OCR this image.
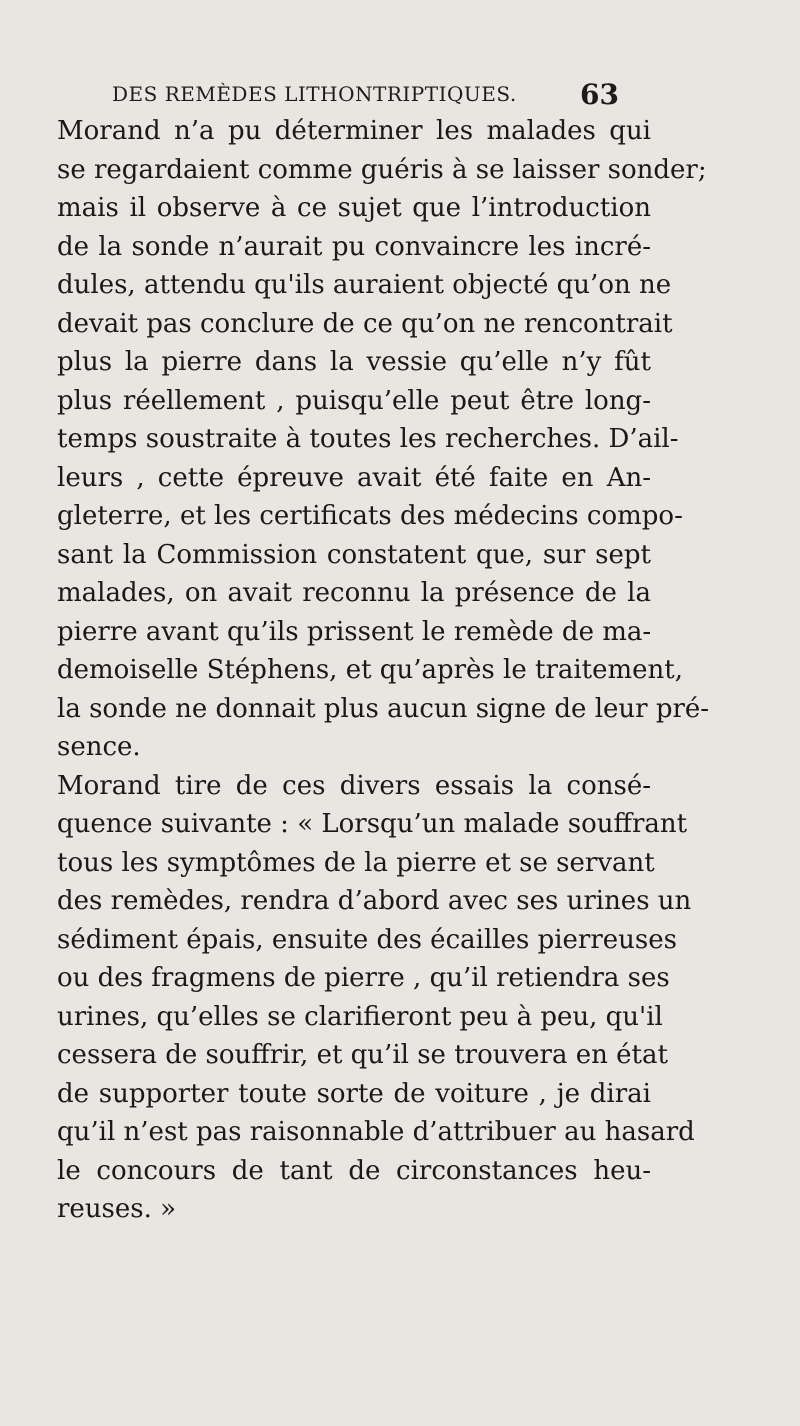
DES REMÈDES LITHONTRIPTIQUES. 63
Morand n’a pu déterminer les malades qui
se regardaient comme guéris à se laisser sonder;
mais il observe à ce sujet que l’introduction
de la sonde n’aurait pu convaincre les incré-
dules, attendu qu'ils auraient objecté qu’on ne
devait pas conclure de ce qu’on ne rencontrait
plus la pierre dans la vessie qu’elle n’y fût
plus réellement , puisqu’elle peut être long-
temps soustraite à toutes les recherches. D’ail-
leurs , cette épreuve avait été faite en An-
gleterre, et les certificats des médecins compo-
sant la Commission constatent que, sur sept
malades, on avait reconnu la présence de la
pierre avant qu’ils prissent le remède de ma-
demoiselle Stéphens, et qu’après le traitement,
la sonde ne donnait plus aucun signe de leur pré-
sence.
Morand tire de ces divers essais la consé-
quence suivante : « Lorsqu’un malade souffrant
tous les symptômes de la pierre et se servant
des remèdes, rendra d’abord avec ses urines un
sédiment épais, ensuite des écailles pierreuses
ou des fragmens de pierre , qu’il retiendra ses
urines, qu’elles se clarifieront peu à peu, qu'il
cessera de souffrir, et qu’il se trouvera en état
de supporter toute sorte de voiture , je dirai
qu’il n’est pas raisonnable d’attribuer au hasard
le concours de tant de circonstances heu-
reuses. »
